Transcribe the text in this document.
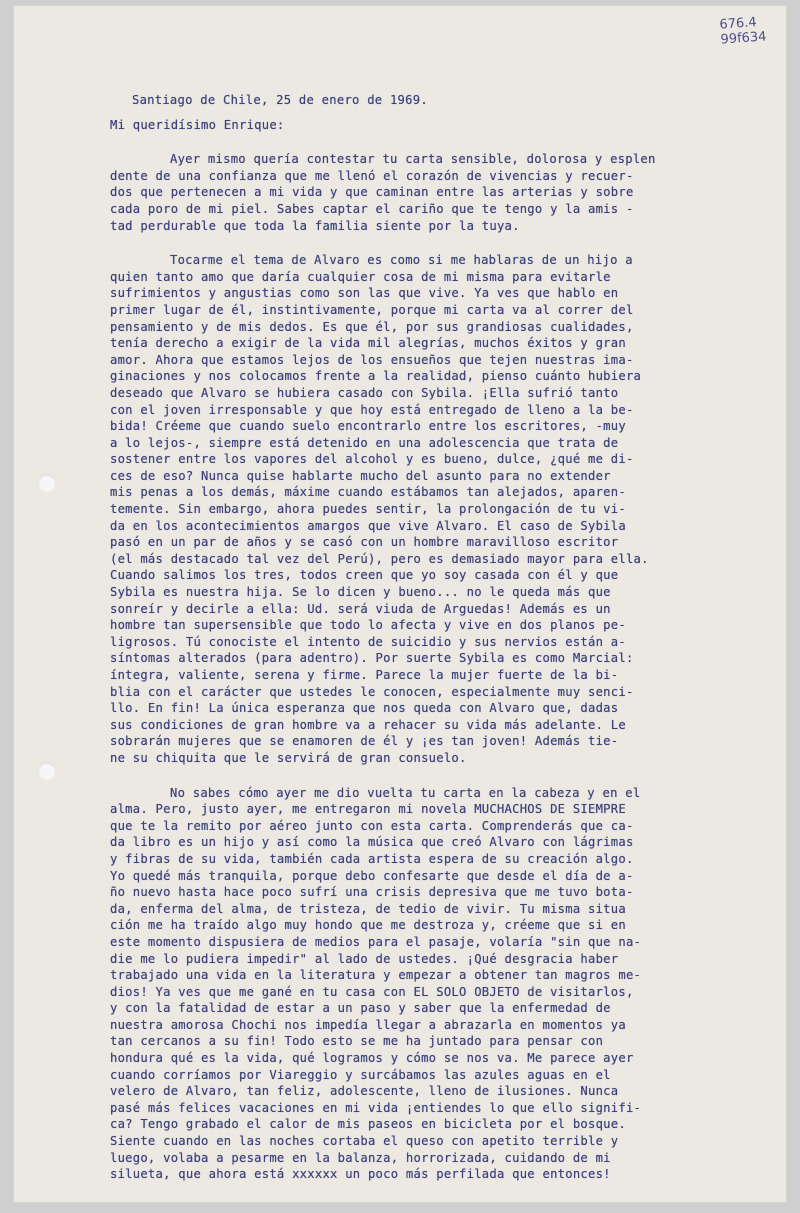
676.4
99f634
Santiago de Chile, 25 de enero de 1969.
Mi queridísimo Enrique:

Ayer mismo quería contestar tu carta sensible, dolorosa y esplen
dente de una confianza que me llenó el corazón de vivencias y recuer-
dos que pertenecen a mi vida y que caminan entre las arterias y sobre
cada poro de mi piel. Sabes captar el cariño que te tengo y la amis -
tad perdurable que toda la familia siente por la tuya.

Tocarme el tema de Alvaro es como si me hablaras de un hijo a
quien tanto amo que daría cualquier cosa de mi misma para evitarle
sufrimientos y angustias como son las que vive. Ya ves que hablo en
primer lugar de él, instintivamente, porque mi carta va al correr del
pensamiento y de mis dedos. Es que él, por sus grandiosas cualidades,
tenía derecho a exigir de la vida mil alegrías, muchos éxitos y gran
amor. Ahora que estamos lejos de los ensueños que tejen nuestras ima-
ginaciones y nos colocamos frente a la realidad, pienso cuánto hubiera
deseado que Alvaro se hubiera casado con Sybila. ¡Ella sufrió tanto
con el joven irresponsable y que hoy está entregado de lleno a la be-
bida! Créeme que cuando suelo encontrarlo entre los escritores, -muy
a lo lejos-, siempre está detenido en una adolescencia que trata de
sostener entre los vapores del alcohol y es bueno, dulce, ¿qué me di-
ces de eso? Nunca quise hablarte mucho del asunto para no extender
mis penas a los demás, máxime cuando estábamos tan alejados, aparen-
temente. Sin embargo, ahora puedes sentir, la prolongación de tu vi-
da en los acontecimientos amargos que vive Alvaro. El caso de Sybila
pasó en un par de años y se casó con un hombre maravilloso escritor
(el más destacado tal vez del Perú), pero es demasiado mayor para ella.
Cuando salimos los tres, todos creen que yo soy casada con él y que
Sybila es nuestra hija. Se lo dicen y bueno... no le queda más que
sonreír y decirle a ella: Ud. será viuda de Arguedas! Además es un
hombre tan supersensible que todo lo afecta y vive en dos planos pe-
ligrosos. Tú conociste el intento de suicidio y sus nervios están a-
síntomas alterados (para adentro). Por suerte Sybila es como Marcial:
íntegra, valiente, serena y firme. Parece la mujer fuerte de la bi-
blia con el carácter que ustedes le conocen, especialmente muy senci-
llo. En fin! La única esperanza que nos queda con Alvaro que, dadas
sus condiciones de gran hombre va a rehacer su vida más adelante. Le
sobrarán mujeres que se enamoren de él y ¡es tan joven! Además tie-
ne su chiquita que le servirá de gran consuelo.

No sabes cómo ayer me dio vuelta tu carta en la cabeza y en el
alma. Pero, justo ayer, me entregaron mi novela MUCHACHOS DE SIEMPRE
que te la remito por aéreo junto con esta carta. Comprenderás que ca-
da libro es un hijo y así como la música que creó Alvaro con lágrimas
y fibras de su vida, también cada artista espera de su creación algo.
Yo quedé más tranquila, porque debo confesarte que desde el día de a-
ño nuevo hasta hace poco sufrí una crisis depresiva que me tuvo bota-
da, enferma del alma, de tristeza, de tedio de vivir. Tu misma situa
ción me ha traído algo muy hondo que me destroza y, créeme que si en
este momento dispusiera de medios para el pasaje, volaría "sin que na-
die me lo pudiera impedir" al lado de ustedes. ¡Qué desgracia haber
trabajado una vida en la literatura y empezar a obtener tan magros me-
dios! Ya ves que me gané en tu casa con EL SOLO OBJETO de visitarlos,
y con la fatalidad de estar a un paso y saber que la enfermedad de
nuestra amorosa Chochi nos impedía llegar a abrazarla en momentos ya
tan cercanos a su fin! Todo esto se me ha juntado para pensar con
hondura qué es la vida, qué logramos y cómo se nos va. Me parece ayer
cuando corríamos por Viareggio y surcábamos las azules aguas en el
velero de Alvaro, tan feliz, adolescente, lleno de ilusiones. Nunca
pasé más felices vacaciones en mi vida ¡entiendes lo que ello signifi-
ca? Tengo grabado el calor de mis paseos en bicicleta por el bosque.
Siente cuando en las noches cortaba el queso con apetito terrible y
luego, volaba a pesarme en la balanza, horrorizada, cuidando de mi
silueta, que ahora está xxxxxx un poco más perfilada que entonces!
